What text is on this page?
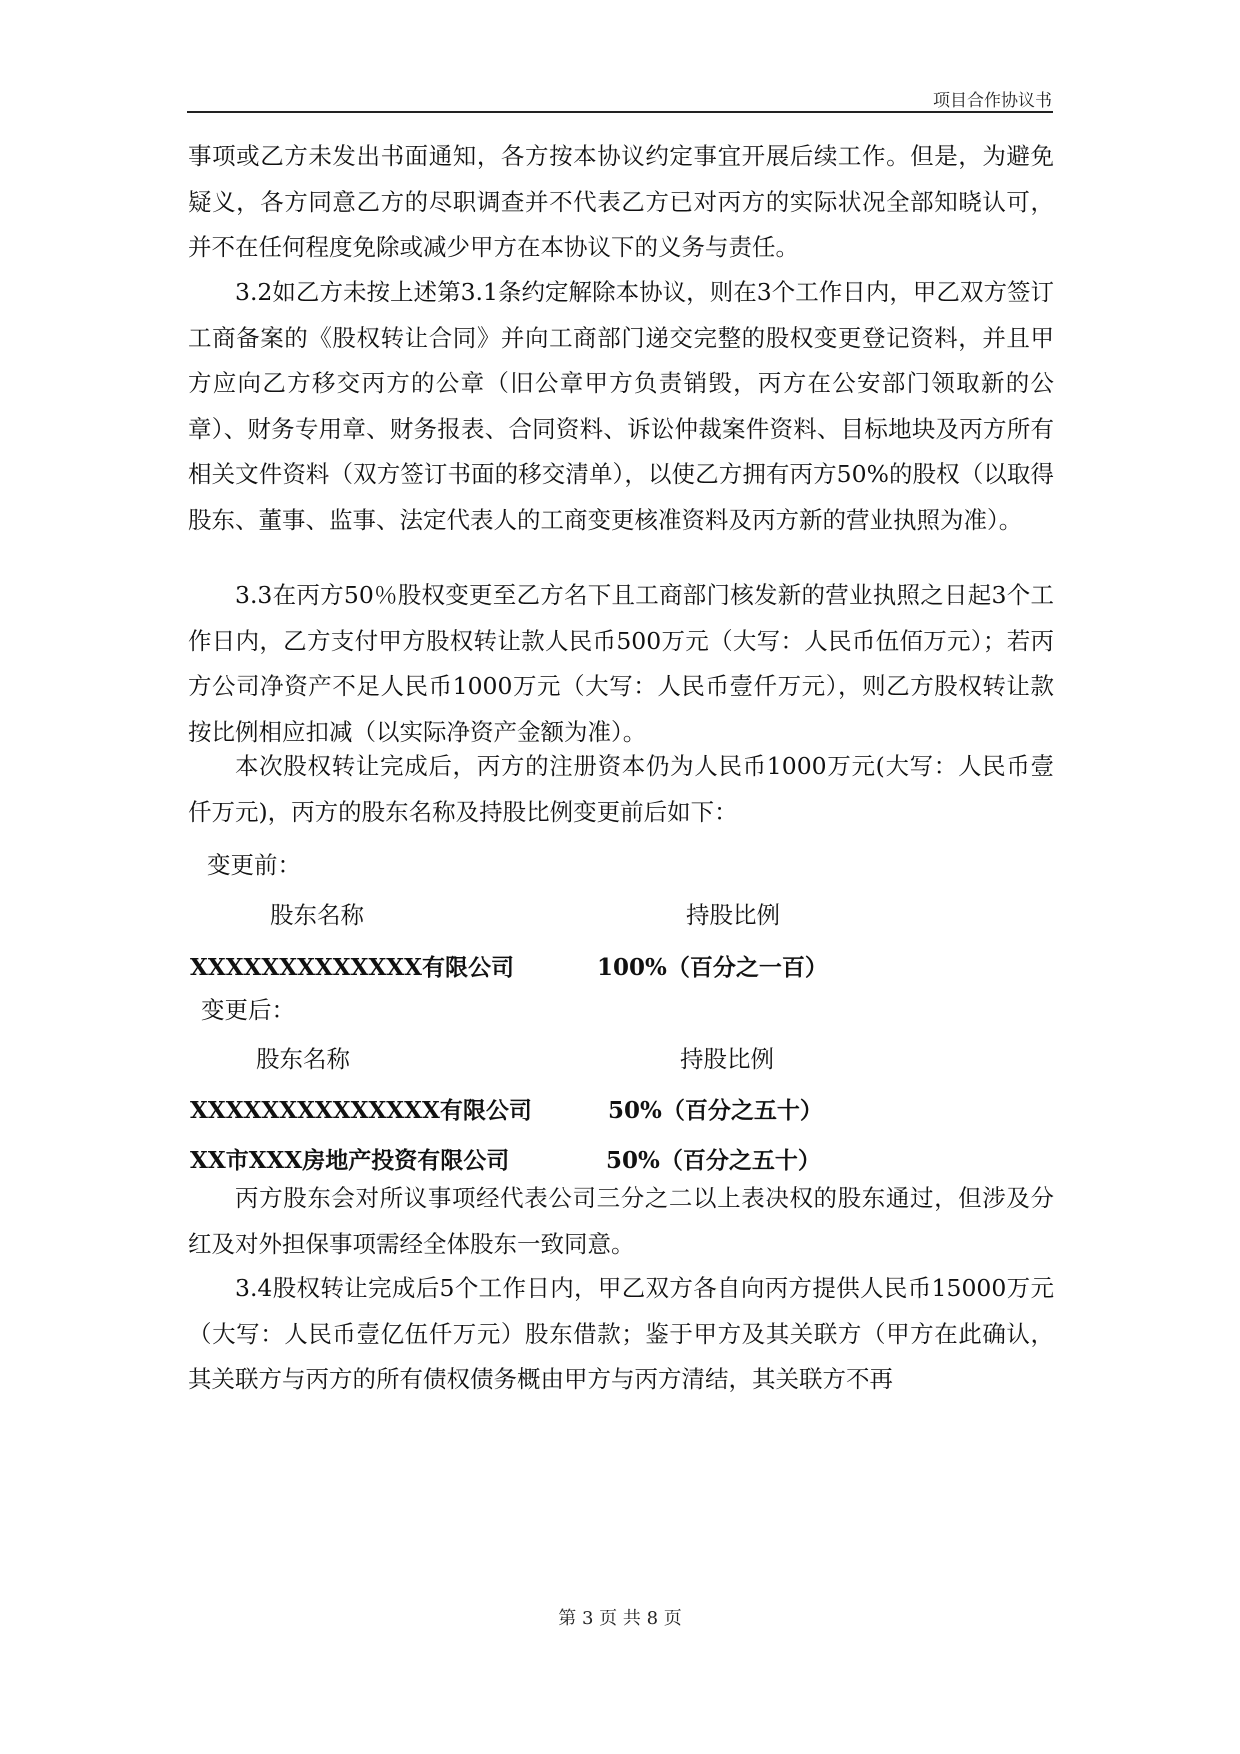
项目合作协议书

事项或乙方未发出书面通知，各方按本协议约定事宜开展后续工作。但是，为避免疑义，各方同意乙方的尽职调查并不代表乙方已对丙方的实际状况全部知晓认可，并不在任何程度免除或减少甲方在本协议下的义务与责任。

3.2如乙方未按上述第3.1条约定解除本协议，则在3个工作日内，甲乙双方签订工商备案的《股权转让合同》并向工商部门递交完整的股权变更登记资料，并且甲方应向乙方移交丙方的公章（旧公章甲方负责销毁，丙方在公安部门领取新的公章）、财务专用章、财务报表、合同资料、诉讼仲裁案件资料、目标地块及丙方所有相关文件资料（双方签订书面的移交清单），以使乙方拥有丙方50%的股权（以取得股东、董事、监事、法定代表人的工商变更核准资料及丙方新的营业执照为准）。

3.3在丙方50％股权变更至乙方名下且工商部门核发新的营业执照之日起3个工作日内，乙方支付甲方股权转让款人民币500万元（大写：人民币伍佰万元）；若丙方公司净资产不足人民币1000万元（大写：人民币壹仟万元），则乙方股权转让款按比例相应扣减（以实际净资产金额为准）。

本次股权转让完成后，丙方的注册资本仍为人民币1000万元(大写：人民币壹仟万元)，丙方的股东名称及持股比例变更前后如下：

变更前：
股东名称	持股比例
XXXXXXXXXXXXX有限公司	100%（百分之一百）
变更后：
股东名称	持股比例
XXXXXXXXXXXXXX有限公司	50%（百分之五十）
XX市XXX房地产投资有限公司	50%（百分之五十）

丙方股东会对所议事项经代表公司三分之二以上表决权的股东通过，但涉及分红及对外担保事项需经全体股东一致同意。

3.4股权转让完成后5个工作日内，甲乙双方各自向丙方提供人民币15000万元（大写：人民币壹亿伍仟万元）股东借款；鉴于甲方及其关联方（甲方在此确认，其关联方与丙方的所有债权债务概由甲方与丙方清结，其关联方不再

第 3 页 共 8 页
